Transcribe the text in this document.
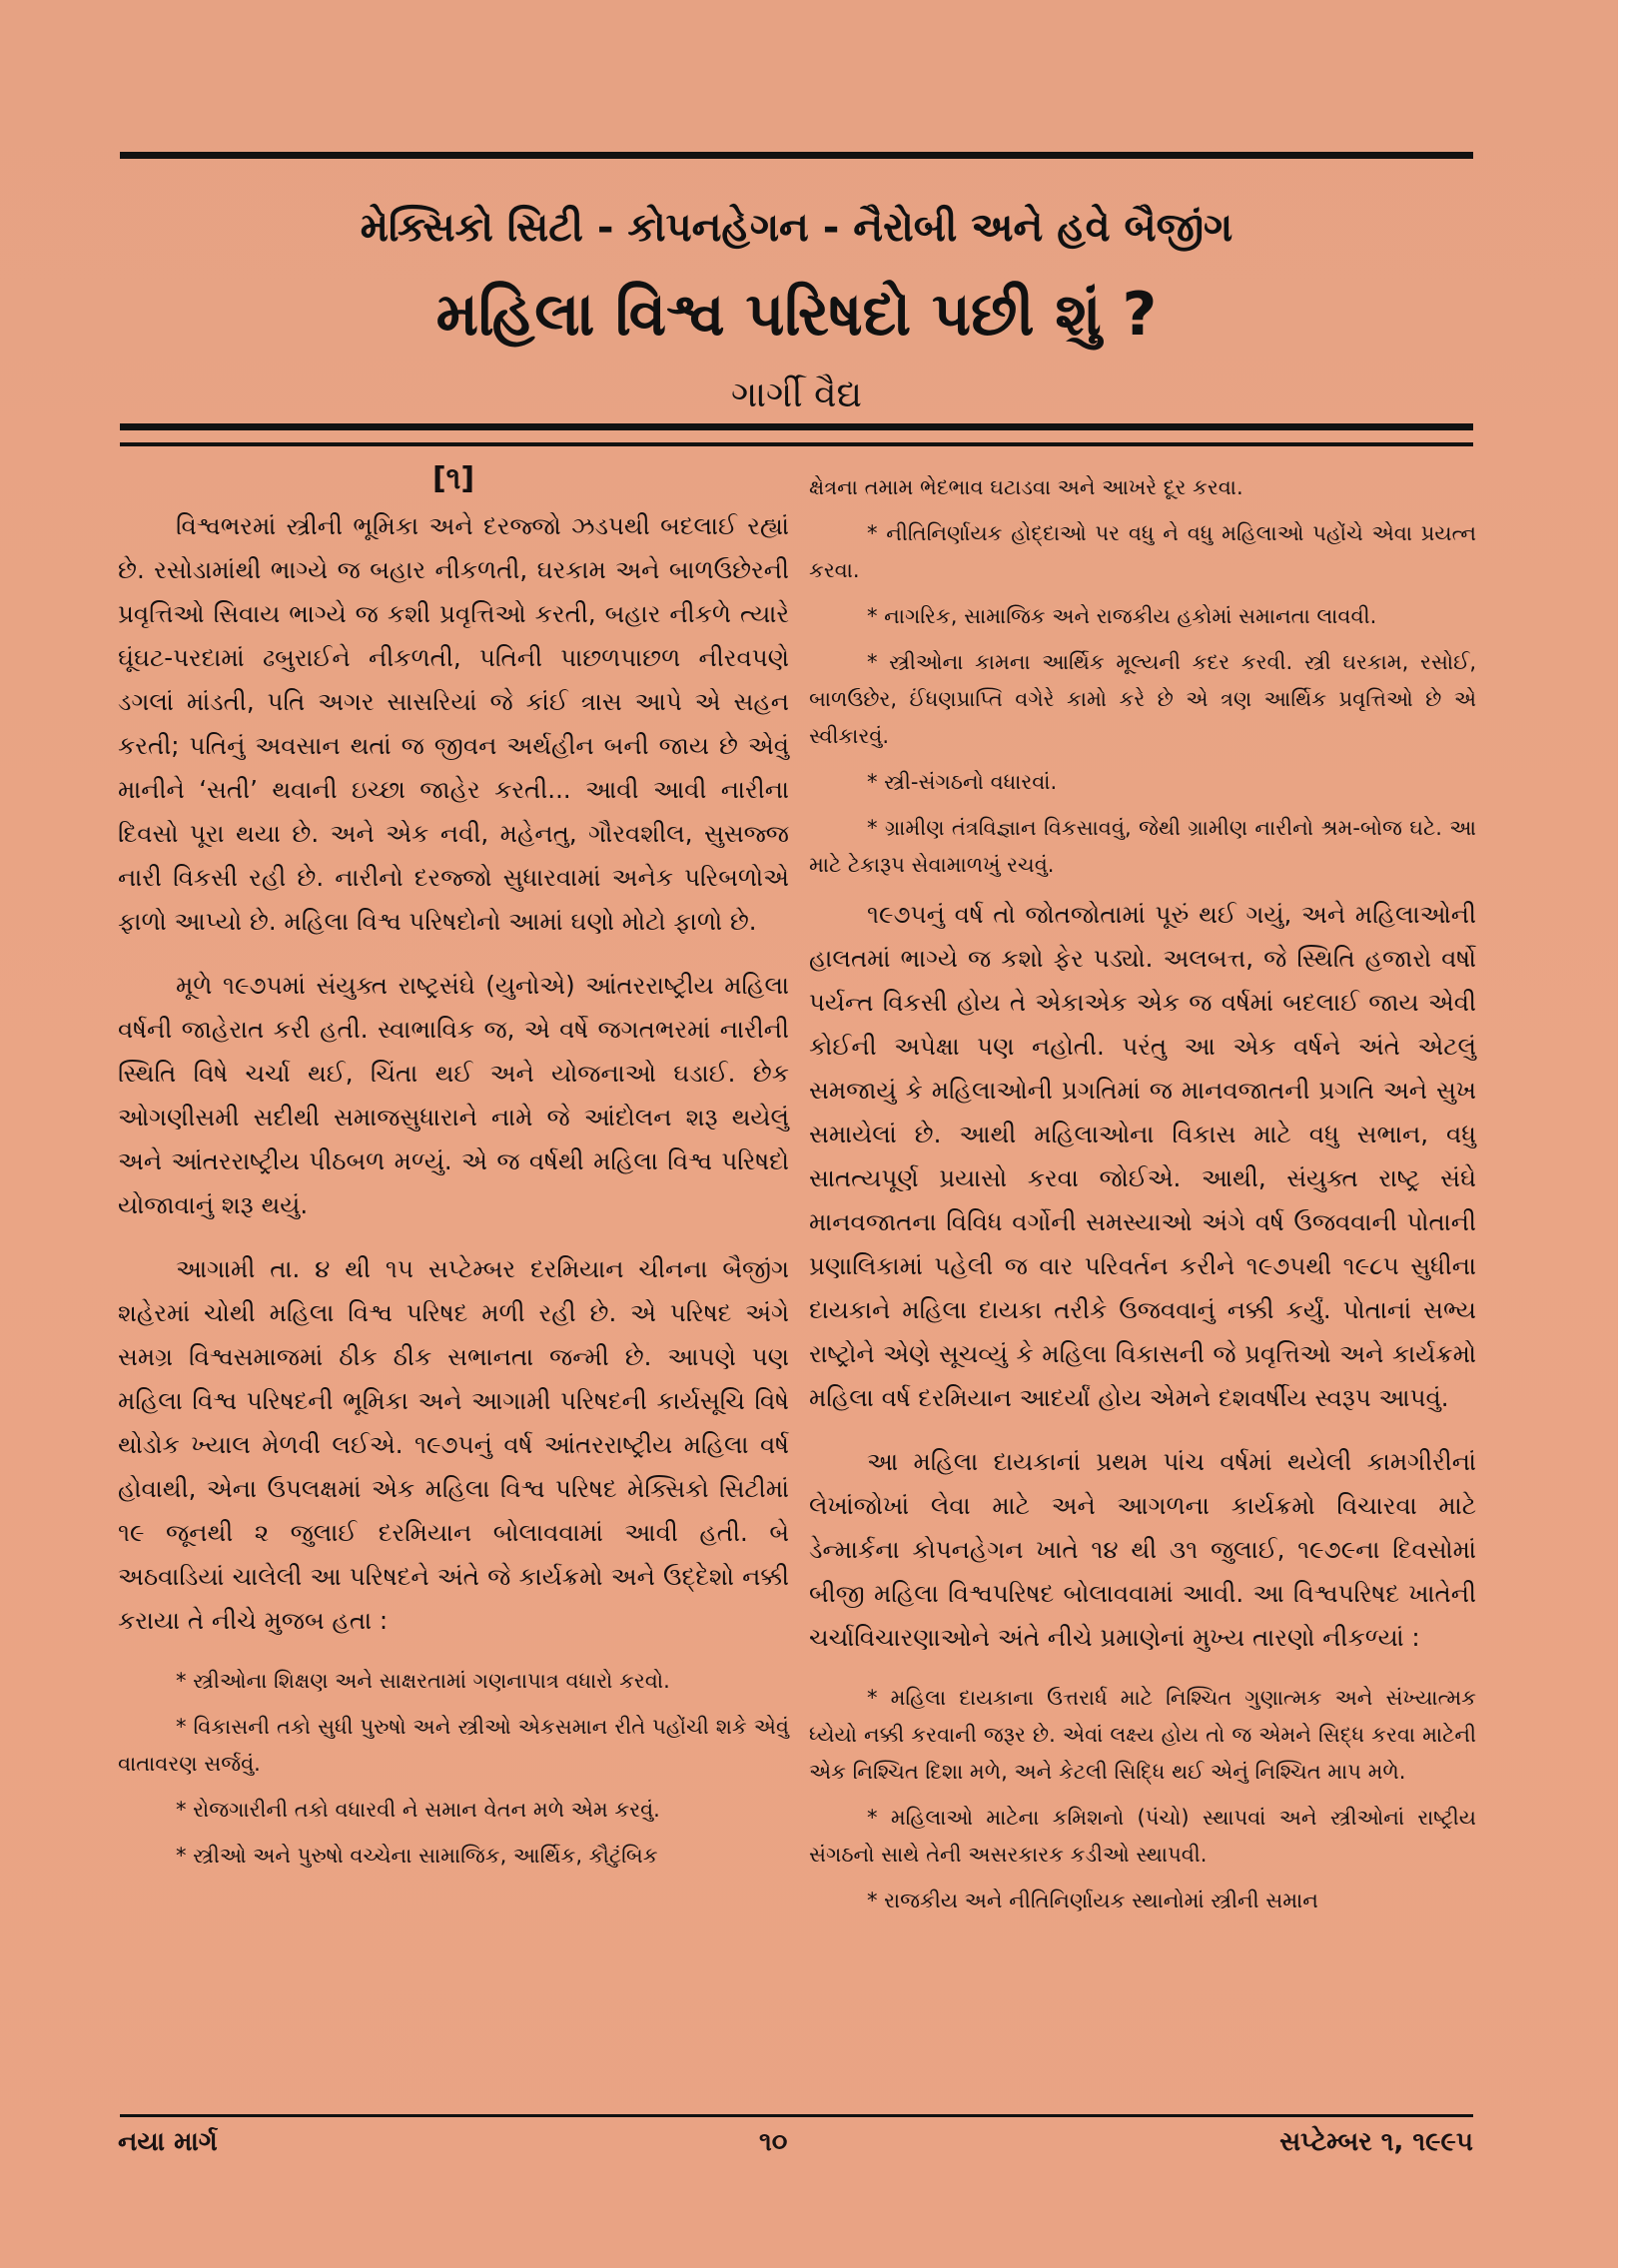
મેક્સિકો સિટી - કોપનહેગન - નૈરોબી અને હવે બૈજીંગ
મહિલા વિશ્વ પરિષદો પછી શું ?
ગાર્ગી વૈદ્ય
[૧]

વિશ્વભરમાં સ્ત્રીની ભૂમિકા અને દરજ્જો ઝડપથી બદલાઈ રહ્યાં છે. રસોડામાંથી ભાગ્યે જ બહાર નીકળતી, ઘરકામ અને બાળઉછેરની પ્રવૃત્તિઓ સિવાય ભાગ્યે જ કશી પ્રવૃત્તિઓ કરતી, બહાર નીકળે ત્યારે ઘૂંઘટ-પરદામાં ઢબુરાઈને નીકળતી, પતિની પાછળપાછળ નીરવપણે ડગલાં માંડતી, પતિ અગર સાસરિયાં જે કાંઈ ત્રાસ આપે એ સહન કરતી; પતિનું અવસાન થતાં જ જીવન અર્થહીન બની જાય છે એવું માનીને ‘સતી’ થવાની ઇચ્છા જાહેર કરતી... આવી આવી નારીના દિવસો પૂરા થયા છે. અને એક નવી, મહેનતુ, ગૌરવશીલ, સુસજ્જ નારી વિકસી રહી છે. નારીનો દરજ્જો સુધારવામાં અનેક પરિબળોએ ફાળો આપ્યો છે. મહિલા વિશ્વ પરિષદોનો આમાં ઘણો મોટો ફાળો છે.

મૂળે ૧૯૭૫માં સંયુક્ત રાષ્ટ્રસંઘે (યુનોએ) આંતરરાષ્ટ્રીય મહિલા વર્ષની જાહેરાત કરી હતી. સ્વાભાવિક જ, એ વર્ષે જગતભરમાં નારીની સ્થિતિ વિષે ચર્ચા થઈ, ચિંતા થઈ અને યોજનાઓ ઘડાઈ. છેક ઓગણીસમી સદીથી સમાજસુધારાને નામે જે આંદોલન શરૂ થયેલું અને આંતરરાષ્ટ્રીય પીઠબળ મળ્યું. એ જ વર્ષથી મહિલા વિશ્વ પરિષદો યોજાવાનું શરૂ થયું.

આગામી તા. ૪ થી ૧૫ સપ્ટેમ્બર દરમિયાન ચીનના બૈજીંગ શહેરમાં ચોથી મહિલા વિશ્વ પરિષદ મળી રહી છે. એ પરિષદ અંગે સમગ્ર વિશ્વસમાજમાં ઠીક ઠીક સભાનતા જન્મી છે. આપણે પણ મહિલા વિશ્વ પરિષદની ભૂમિકા અને આગામી પરિષદની કાર્યસૂચિ વિષે થોડોક ખ્યાલ મેળવી લઈએ. ૧૯૭૫નું વર્ષ આંતરરાષ્ટ્રીય મહિલા વર્ષ હોવાથી, એના ઉપલક્ષમાં એક મહિલા વિશ્વ પરિષદ મેક્સિકો સિટીમાં ૧૯ જૂનથી ૨ જુલાઈ દરમિયાન બોલાવવામાં આવી હતી. બે અઠવાડિયાં ચાલેલી આ પરિષદને અંતે જે કાર્યક્રમો અને ઉદ્દેશો નક્કી કરાયા તે નીચે મુજબ હતા :

* સ્ત્રીઓના શિક્ષણ અને સાક્ષરતામાં ગણનાપાત્ર વધારો કરવો.

* વિકાસની તકો સુધી પુરુષો અને સ્ત્રીઓ એકસમાન રીતે પહોંચી શકે એવું વાતાવરણ સર્જવું.

* રોજગારીની તકો વધારવી ને સમાન વેતન મળે એમ કરવું.

* સ્ત્રીઓ અને પુરુષો વચ્ચેના સામાજિક, આર્થિક, કૌટુંબિક

ક્ષેત્રના તમામ ભેદભાવ ઘટાડવા અને આખરે દૂર કરવા.

* નીતિનિર્ણાયક હોદ્દાઓ પર વધુ ને વધુ મહિલાઓ પહોંચે એવા પ્રયત્ન કરવા.

* નાગરિક, સામાજિક અને રાજકીય હકોમાં સમાનતા લાવવી.

* સ્ત્રીઓના કામના આર્થિક મૂલ્યની કદર કરવી. સ્ત્રી ઘરકામ, રસોઈ, બાળઉછેર, ઈંધણપ્રાપ્તિ વગેરે કામો કરે છે એ ત્રણ આર્થિક પ્રવૃત્તિઓ છે એ સ્વીકારવું.

* સ્ત્રી-સંગઠનો વધારવાં.

* ગ્રામીણ તંત્રવિજ્ઞાન વિકસાવવું, જેથી ગ્રામીણ નારીનો શ્રમ-બોજ ઘટે. આ માટે ટેકારૂપ સેવામાળખું રચવું.

૧૯૭૫નું વર્ષ તો જોતજોતામાં પૂરું થઈ ગયું, અને મહિલાઓની હાલતમાં ભાગ્યે જ કશો ફેર પડ્યો. અલબત્ત, જે સ્થિતિ હજારો વર્ષો પર્યન્ત વિકસી હોય તે એકાએક એક જ વર્ષમાં બદલાઈ જાય એવી કોઈની અપેક્ષા પણ નહોતી. પરંતુ આ એક વર્ષને અંતે એટલું સમજાયું કે મહિલાઓની પ્રગતિમાં જ માનવજાતની પ્રગતિ અને સુખ સમાયેલાં છે. આથી મહિલાઓના વિકાસ માટે વધુ સભાન, વધુ સાતત્યપૂર્ણ પ્રયાસો કરવા જોઈએ. આથી, સંયુક્ત રાષ્ટ્ર સંઘે માનવજાતના વિવિધ વર્ગોની સમસ્યાઓ અંગે વર્ષ ઉજવવાની પોતાની પ્રણાલિકામાં પહેલી જ વાર પરિવર્તન કરીને ૧૯૭૫થી ૧૯૮૫ સુધીના દાયકાને મહિલા દાયકા તરીકે ઉજવવાનું નક્કી કર્યું. પોતાનાં સભ્ય રાષ્ટ્રોને એણે સૂચવ્યું કે મહિલા વિકાસની જે પ્રવૃત્તિઓ અને કાર્યક્રમો મહિલા વર્ષ દરમિયાન આદર્યાં હોય એમને દશવર્ષીય સ્વરૂપ આપવું.

આ મહિલા દાયકાનાં પ્રથમ પાંચ વર્ષમાં થયેલી કામગીરીનાં લેખાંજોખાં લેવા માટે અને આગળના કાર્યક્રમો વિચારવા માટે ડેન્માર્કના કોપનહેગન ખાતે ૧૪ થી ૩૧ જુલાઈ, ૧૯૭૯ના દિવસોમાં બીજી મહિલા વિશ્વપરિષદ બોલાવવામાં આવી. આ વિશ્વપરિષદ ખાતેની ચર્ચાવિચારણાઓને અંતે નીચે પ્રમાણેનાં મુખ્ય તારણો નીકળ્યાં :

* મહિલા દાયકાના ઉત્તરાર્ધ માટે નિશ્ચિત ગુણાત્મક અને સંખ્યાત્મક ધ્યેયો નક્કી કરવાની જરૂર છે. એવાં લક્ષ્ય હોય તો જ એમને સિદ્ધ કરવા માટેની એક નિશ્ચિત દિશા મળે, અને કેટલી સિદ્ધિ થઈ એનું નિશ્ચિત માપ મળે.

* મહિલાઓ માટેના કમિશનો (પંચો) સ્થાપવાં અને સ્ત્રીઓનાં રાષ્ટ્રીય સંગઠનો સાથે તેની અસરકારક કડીઓ સ્થાપવી.

* રાજકીય અને નીતિનિર્ણાયક સ્થાનોમાં સ્ત્રીની સમાન

નયા માર્ગ	૧૦	સપ્ટેમ્બર ૧, ૧૯૯૫
